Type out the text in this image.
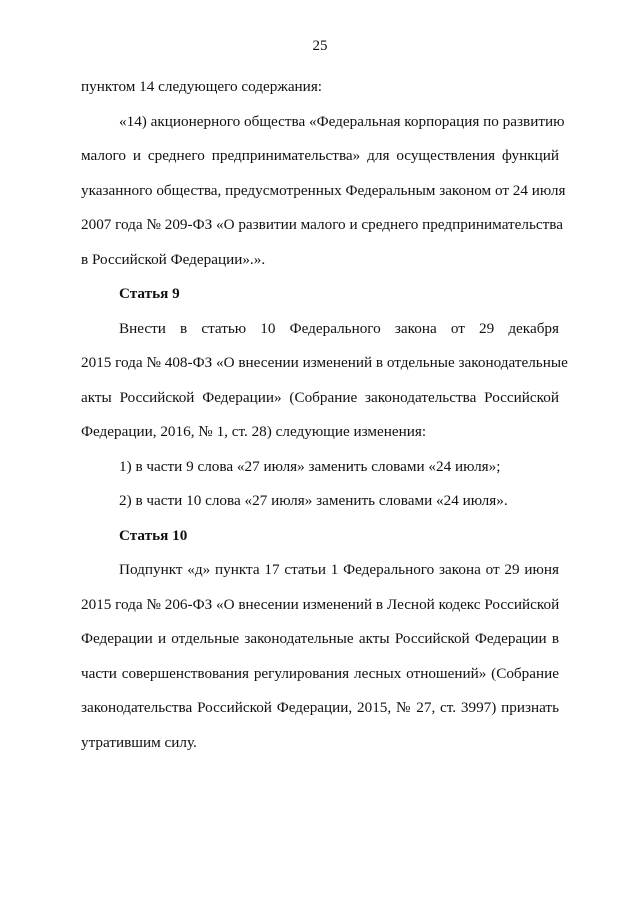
25
пунктом 14 следующего содержания:
«14) акционерного общества «Федеральная корпорация по развитию
малого и среднего предпринимательства» для осуществления функций
указанного общества, предусмотренных Федеральным законом от 24 июля
2007 года № 209-ФЗ «О развитии малого и среднего предпринимательства
в Российской Федерации».».
Статья 9
Внести в статью 10 Федерального закона от 29 декабря
2015 года № 408-ФЗ «О внесении изменений в отдельные законодательные
акты Российской Федерации» (Собрание законодательства Российской
Федерации, 2016, № 1, ст. 28) следующие изменения:
1) в части 9 слова «27 июля» заменить словами «24 июля»;
2) в части 10 слова «27 июля» заменить словами «24 июля».
Статья 10
Подпункт «д» пункта 17 статьи 1 Федерального закона от 29 июня
2015 года № 206-ФЗ «О внесении изменений в Лесной кодекс Российской
Федерации и отдельные законодательные акты Российской Федерации в
части совершенствования регулирования лесных отношений» (Собрание
законодательства Российской Федерации, 2015, № 27, ст. 3997) признать
утратившим силу.
